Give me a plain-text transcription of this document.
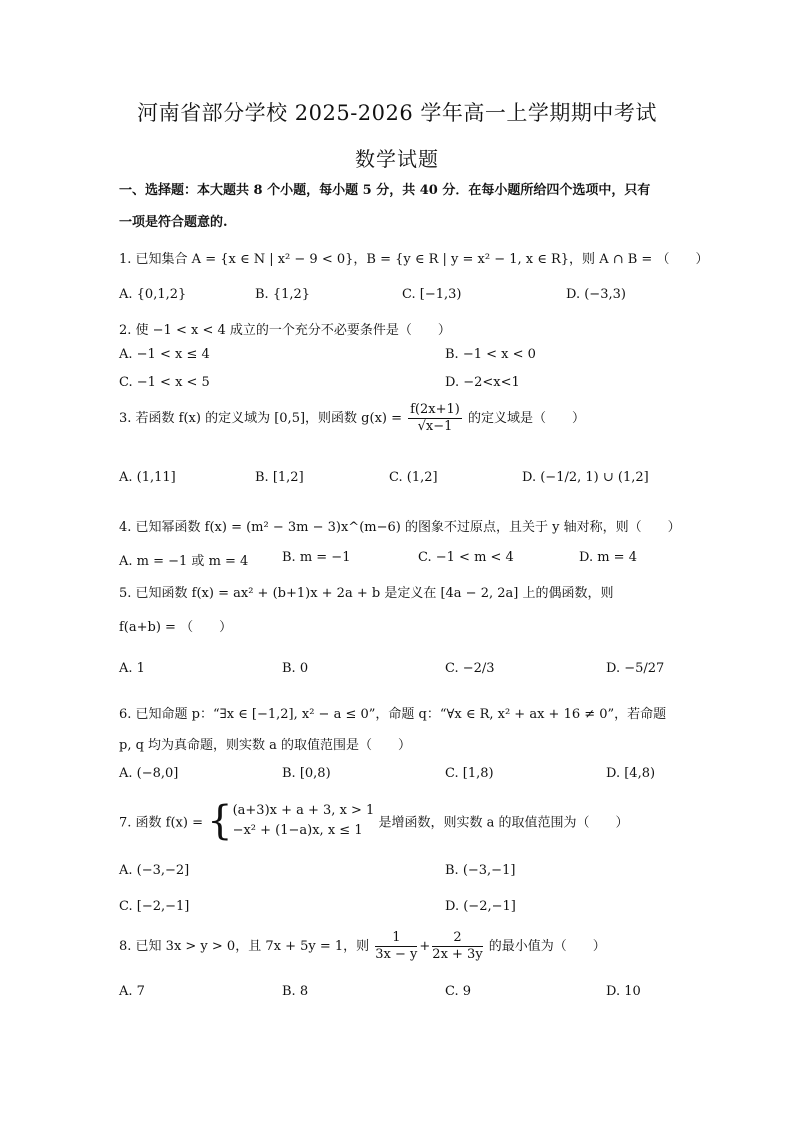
河南省部分学校 2025-2026 学年高一上学期期中考试
数学试题
一、选择题：本大题共 8 个小题，每小题 5 分，共 40 分．在每小题所给四个选项中，只有
一项是符合题意的.
1. 已知集合 A = {x ∈ N | x² − 9 < 0}，B = {y ∈ R | y = x² − 1, x ∈ R}，则 A ∩ B = （　　）
A. {0,1,2}	B. {1,2}	C. [−1,3)	D. (−3,3)
2. 使 −1 < x < 4 成立的一个充分不必要条件是（　　）
A. −1 < x ≤ 4	B. −1 < x < 0
C. −1 < x < 5	D. −2<x<1
3. 若函数 f(x) 的定义域为 [0,5]，则函数 $g(x) = \frac{f(2x+1)}{√x-1}$ 的定义域是（　　）
A. (1,11]	B. [1,2]	C. (1,2]	D. (−1/2, 1) ∪ (1,2]
4. 已知幂函数 f(x) = (m² − 3m − 3)x^(m−6) 的图象不过原点，且关于 y 轴对称，则（　　）
A. m = −1 或 m = 4	B. m = −1	C. −1 < m < 4	D. m = 4
5. 已知函数 f(x) = ax² + (b+1)x + 2a + b 是定义在 [4a − 2, 2a] 上的偶函数，则
f(a+b) = （　　）
A. 1	B. 0	C. −2/3	D. −5/27
6. 已知命题 p：“∃x ∈ [−1,2], x² − a ≤ 0”，命题 q：“∀x ∈ R, x² + ax + 16 ≠ 0”，若命题
p, q 均为真命题，则实数 a 的取值范围是（　　）
A. (−8,0]	B. [0,8)	C. [1,8)	D. [4,8)
7. 函数 f(x) = { (a+3)x + a + 3, x > 1
−x² + (1−a)x, x ≤ 1 是增函数，则实数 a 的取值范围为（　　）
A. (−3,−2]	B. (−3,−1]
C. [−2,−1]	D. (−2,−1]
8. 已知 3x > y > 0，且 7x + 5y = 1，则 $\frac{1}{3x - y} + \frac{2}{2x + 3y}$ 的最小值为（　　）
A. 7	B. 8	C. 9	D. 10
